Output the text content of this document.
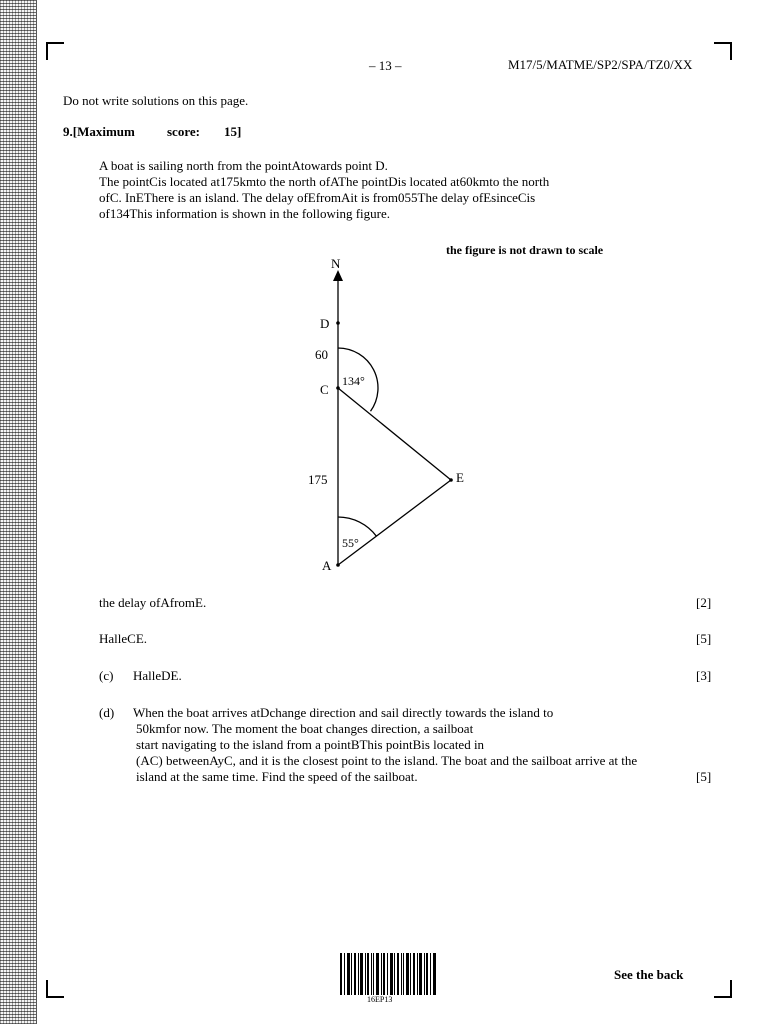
– 13 –	M17/5/MATME/SP2/SPA/TZ0/XX
Do not write solutions on this page.
9.[Maximum score: 15]
A boat is sailing north from the pointAtowards point D.
The pointCis located at175kmto the north ofAThe pointDis located at60kmto the north
ofC. InEThere is an island. The delay ofEfromAit is from055The delay ofEsinceCis
of134This information is shown in the following figure.
the figure is not drawn to scale
N
D
60
C
134°
175	E
55°
A
the delay ofAfromE.	[2]
HalleCE.	[5]
(c) HalleDE.	[3]
(d) When the boat arrives atDchange direction and sail directly towards the island to
50kmfor now. The moment the boat changes direction, a sailboat
start navigating to the island from a pointBThis pointBis located in
(AC) betweenAyC, and it is the closest point to the island. The boat and the sailboat arrive at the
island at the same time. Find the speed of the sailboat.	[5]
16EP13
See the back
